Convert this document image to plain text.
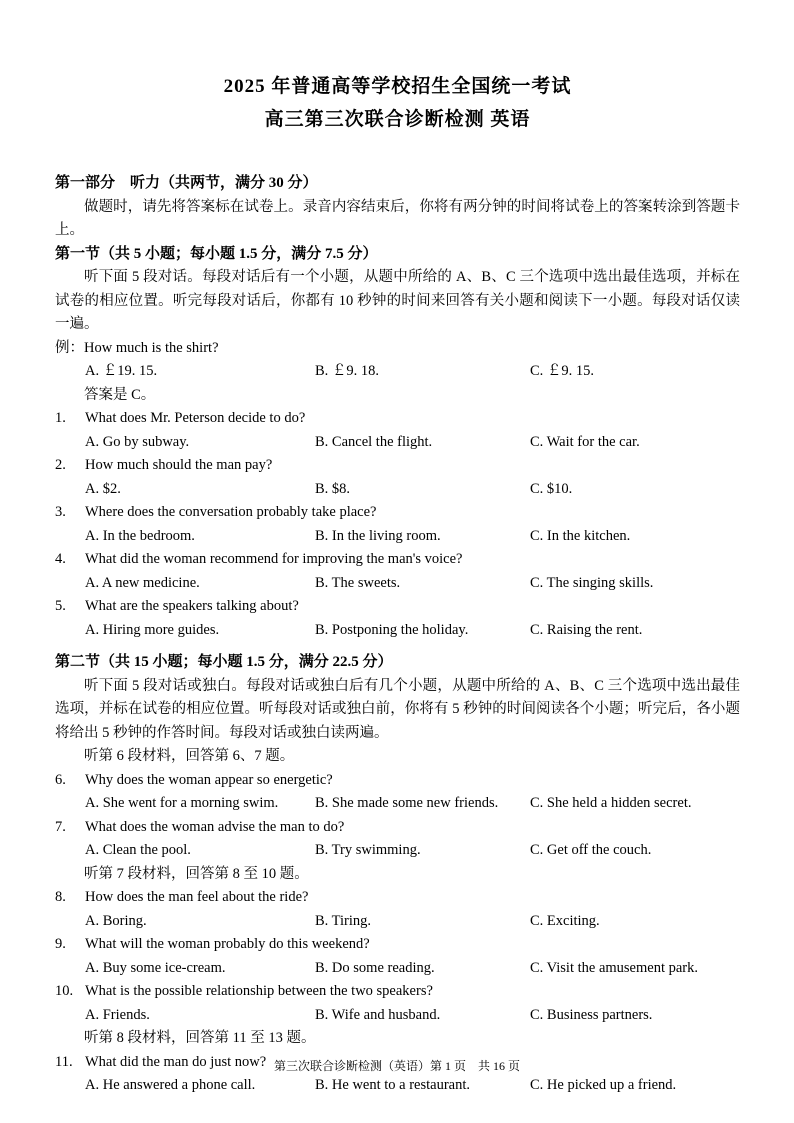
2025 年普通高等学校招生全国统一考试
高三第三次联合诊断检测 英语
第一部分　听力（共两节，满分 30 分）
做题时，请先将答案标在试卷上。录音内容结束后，你将有两分钟的时间将试卷上的答案转涂到答题卡上。
第一节（共 5 小题；每小题 1.5 分，满分 7.5 分）
听下面 5 段对话。每段对话后有一个小题，从题中所给的 A、B、C 三个选项中选出最佳选项，并标在试卷的相应位置。听完每段对话后，你都有 10 秒钟的时间来回答有关小题和阅读下一小题。每段对话仅读一遍。
例：How much is the shirt?
A. ￡19. 15.	B. ￡9. 18.	C. ￡9. 15.
答案是 C。
1.	What does Mr. Peterson decide to do?
A. Go by subway.	B. Cancel the flight.	C. Wait for the car.
2.	How much should the man pay?
A. $2.	B. $8.	C. $10.
3.	Where does the conversation probably take place?
A. In the bedroom.	B. In the living room.	C. In the kitchen.
4.	What did the woman recommend for improving the man's voice?
A. A new medicine.	B. The sweets.	C. The singing skills.
5.	What are the speakers talking about?
A. Hiring more guides.	B. Postponing the holiday.	C. Raising the rent.
第二节（共 15 小题；每小题 1.5 分，满分 22.5 分）
听下面 5 段对话或独白。每段对话或独白后有几个小题，从题中所给的 A、B、C 三个选项中选出最佳选项，并标在试卷的相应位置。听每段对话或独白前，你将有 5 秒钟的时间阅读各个小题；听完后，各小题将给出 5 秒钟的作答时间。每段对话或独白读两遍。
听第 6 段材料，回答第 6、7 题。
6.	Why does the woman appear so energetic?
A. She went for a morning swim.	B. She made some new friends.	C. She held a hidden secret.
7.	What does the woman advise the man to do?
A. Clean the pool.	B. Try swimming.	C. Get off the couch.
听第 7 段材料，回答第 8 至 10 题。
8.	How does the man feel about the ride?
A. Boring.	B. Tiring.	C. Exciting.
9.	What will the woman probably do this weekend?
A. Buy some ice-cream.	B. Do some reading.	C. Visit the amusement park.
10. What is the possible relationship between the two speakers?
A. Friends.	B. Wife and husband.	C. Business partners.
听第 8 段材料，回答第 11 至 13 题。
11. What did the man do just now?
A. He answered a phone call.	B. He went to a restaurant.	C. He picked up a friend.
第三次联合诊断检测（英语）第 1 页　共 16 页
